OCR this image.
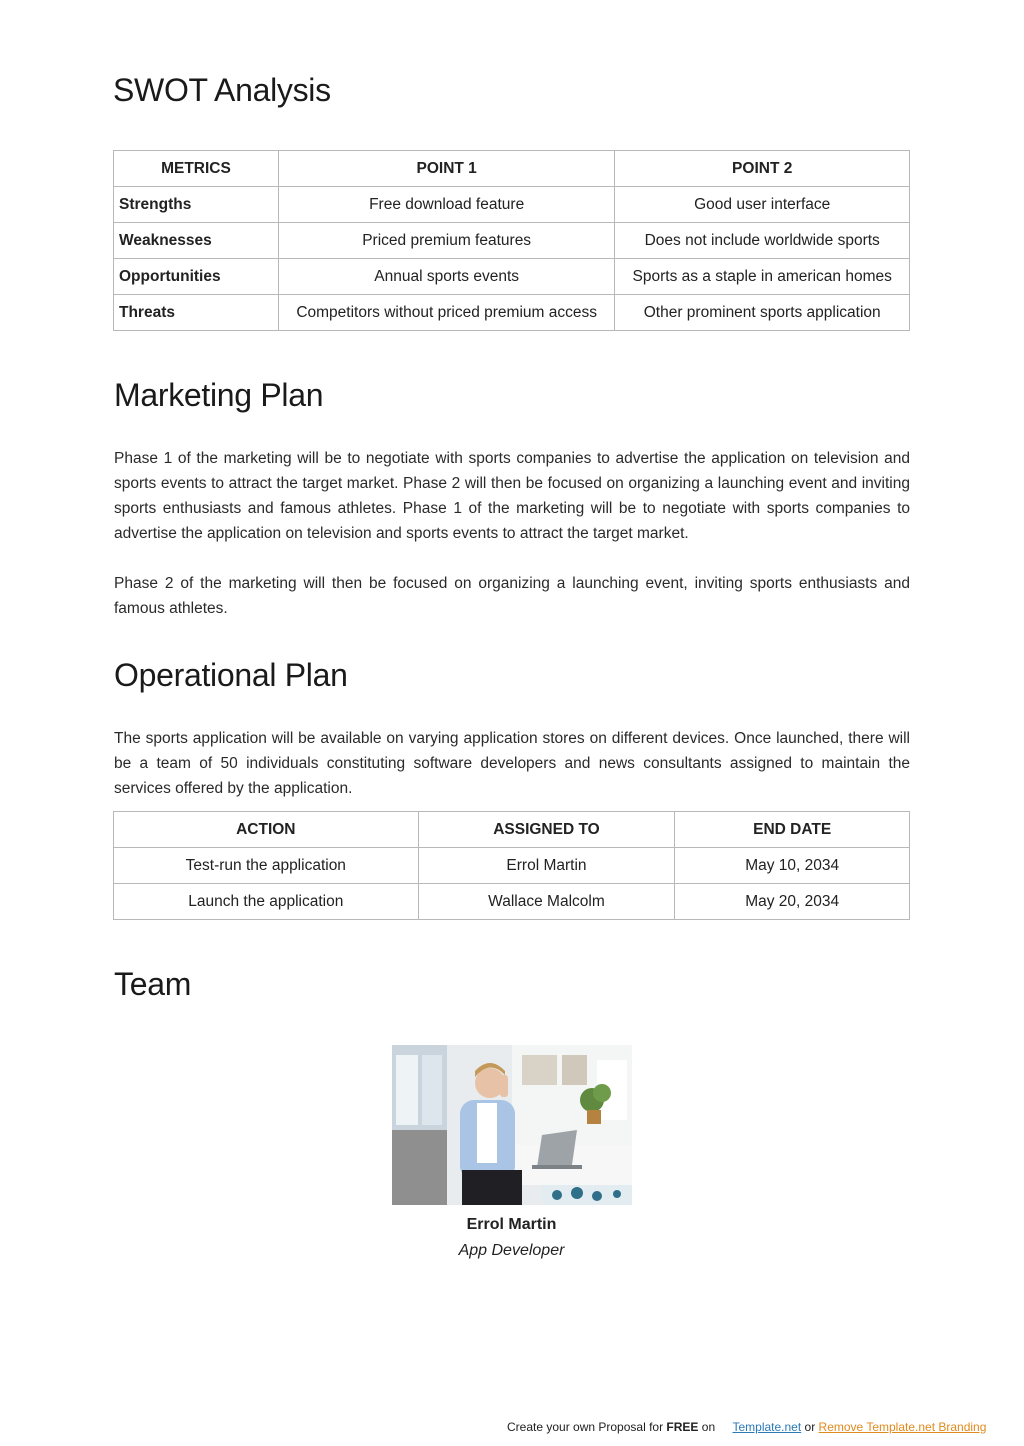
SWOT Analysis
METRICS	POINT 1	POINT 2
Strengths	Free download feature	Good user interface
Weaknesses	Priced premium features	Does not include worldwide sports
Opportunities	Annual sports events	Sports as a staple in american homes
Threats	Competitors without priced premium access	Other prominent sports application
Marketing Plan

Phase 1 of the marketing will be to negotiate with sports companies to advertise the application on television and sports events to attract the target market. Phase 2 will then be focused on organizing a launching event and inviting sports enthusiasts and famous athletes. Phase 1 of the marketing will be to negotiate with sports companies to advertise the application on television and sports events to attract the target market.

Phase 2 of the marketing will then be focused on organizing a launching event, inviting sports enthusiasts and famous athletes.

Operational Plan

The sports application will be available on varying application stores on different devices. Once launched, there will be a team of 50 individuals constituting software developers and news consultants assigned to maintain the services offered by the application.

ACTION	ASSIGNED TO	END DATE
Test-run the application	Errol Martin	May 10, 2034
Launch the application	Wallace Malcolm	May 20, 2034
Team
Errol Martin
App Developer
Create your own Proposal for FREE on Template.net or Remove Template.net Branding
